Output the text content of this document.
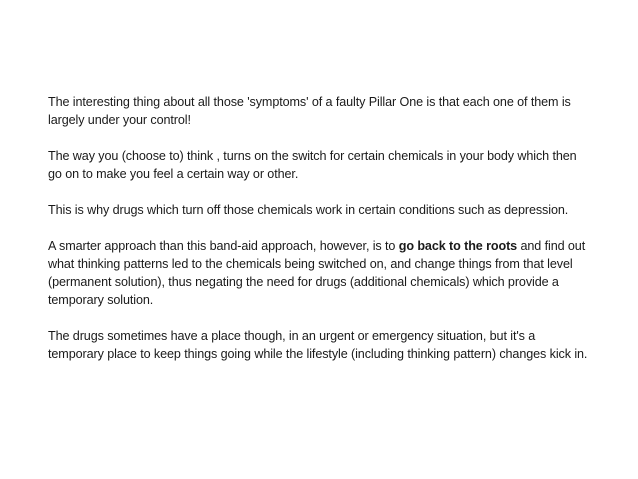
The interesting thing about all those 'symptoms' of a faulty Pillar One is that each one of them is largely under your control!

The way you (choose to) think , turns on the switch for certain chemicals in your body which then go on to make you feel a certain way or other.

This is why drugs which turn off those chemicals work in certain conditions such as depression.

A smarter approach than this band-aid approach, however, is to go back to the roots and find out what thinking patterns led to the chemicals being switched on, and change things from that level (permanent solution), thus negating the need for drugs (additional chemicals) which provide a temporary solution.

The drugs sometimes have a place though, in an urgent or emergency situation, but it's a temporary place to keep things going while the lifestyle (including thinking pattern) changes kick in.
